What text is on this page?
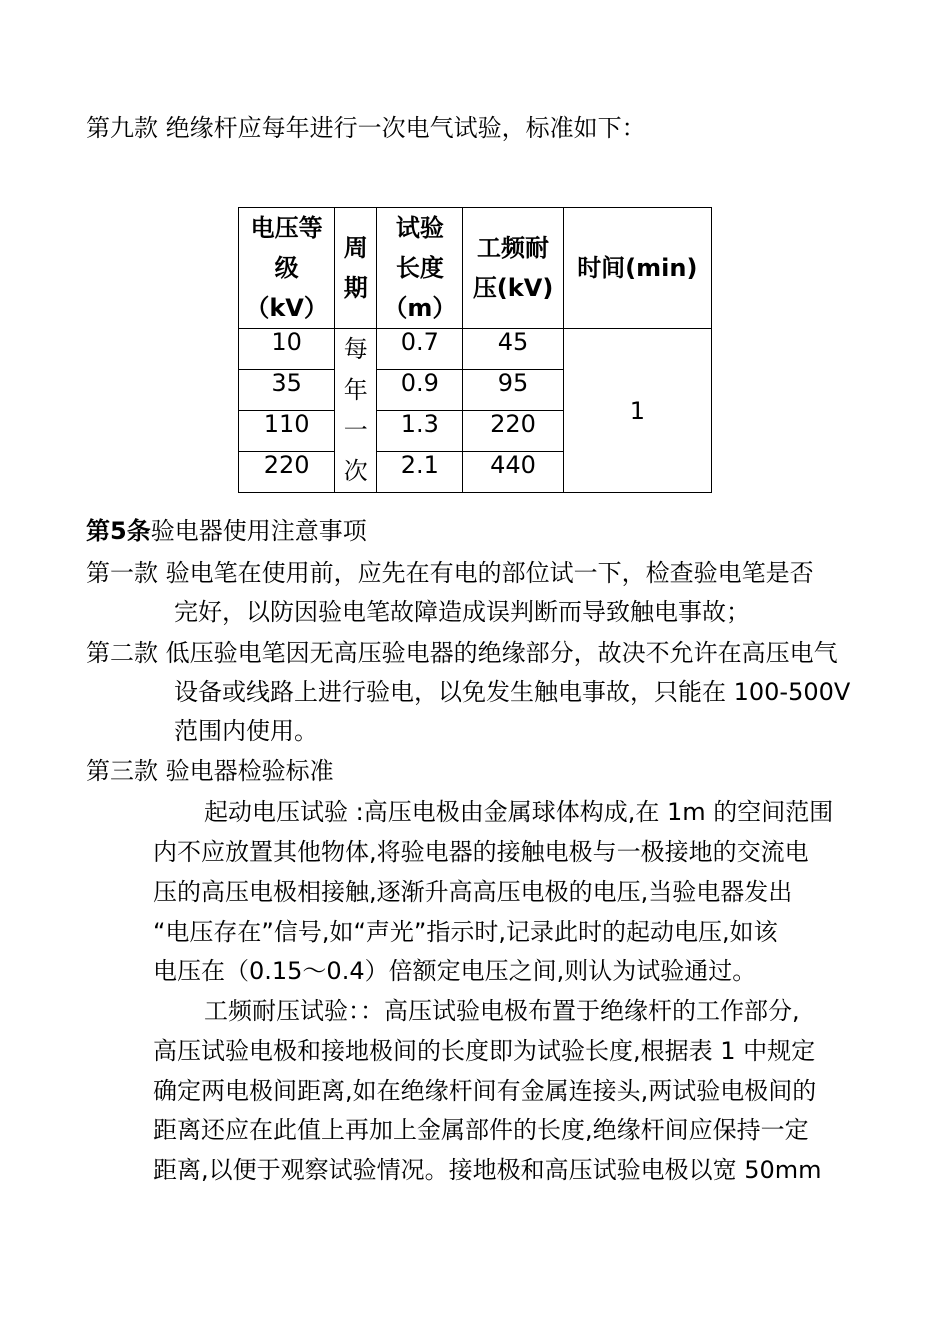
第九款 绝缘杆应每年进行一次电气试验，标准如下：
电压等
级
（kV）	周
期	试验
长度
（m）	工频耐
压(kV)	时间(min)
10	每
年
一
次	0.7	45	1
35		0.9	95	
110		1.3	220	
220		2.1	440	
第5条验电器使用注意事项
第一款 验电笔在使用前，应先在有电的部位试一下，检查验电笔是否
完好，以防因验电笔故障造成误判断而导致触电事故；
第二款 低压验电笔因无高压验电器的绝缘部分，故决不允许在高压电气
设备或线路上进行验电，以免发生触电事故，只能在 100-500V
范围内使用。
第三款 验电器检验标准
起动电压试验 :高压电极由金属球体构成,在 1m 的空间范围
内不应放置其他物体,将验电器的接触电极与一极接地的交流电
压的高压电极相接触,逐渐升高高压电极的电压,当验电器发出
“电压存在”信号,如“声光”指示时,记录此时的起动电压,如该
电压在（0.15～0.4）倍额定电压之间,则认为试验通过。
工频耐压试验：：高压试验电极布置于绝缘杆的工作部分,
高压试验电极和接地极间的长度即为试验长度,根据表 1 中规定
确定两电极间距离,如在绝缘杆间有金属连接头,两试验电极间的
距离还应在此值上再加上金属部件的长度,绝缘杆间应保持一定
距离,以便于观察试验情况。接地极和高压试验电极以宽 50mm
